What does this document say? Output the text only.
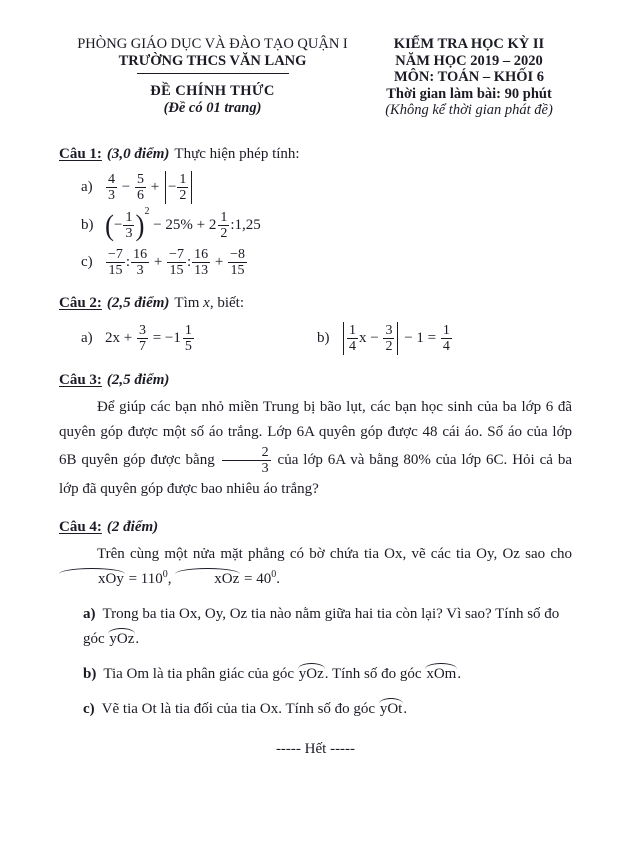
PHÒNG GIÁO DỤC VÀ ĐÀO TẠO QUẬN I
TRƯỜNG THCS VĂN LANG
ĐỀ CHÍNH THỨC
(Đề có 01 trang)
KIỂM TRA HỌC KỲ II
NĂM HỌC 2019 – 2020
MÔN: TOÁN – KHỐI 6
Thời gian làm bài: 90 phút
(Không kể thời gian phát đề)
Câu 1: (3,0 điểm) Thực hiện phép tính:
$a) \frac{4}{3} - \frac{5}{6}$ + − $\frac{1}{2}$
b) ( − $\frac{1}{3} )^2$
− $25\% + 2 \frac{1}{2}$ :1,25
$c) \frac{-7}{15}$ : $\frac{16}{3} + \frac{-7}{15}$ : $\frac{16}{13} + \frac{-8}{15}$
Câu 2: (2,5 điểm) Tìm x, biết:
a) $2x + \frac{3}{7}$ = − $1 \frac{1}{5}$	b)	$\frac{1}{4}$ $x - \frac{3}{2} - 1 = \frac{1}{4}$
Câu 3: (2,5 điểm)
Để giúp các bạn nhỏ miền Trung bị bão lụt, các bạn học sinh của ba lớp 6 đã quyên góp được một số áo trắng. Lớp 6A quyên góp được 48 cái áo. Số áo của lớp 6B quyên góp được bằng $\frac{2}{3}$ của lớp 6A và bằng 80% của lớp 6C. Hỏi cả ba lớp đã quyên góp được bao nhiêu áo trắng?
Câu 4: (2 điểm)
Trên cùng một nửa mặt phẳng có bờ chứa tia Ox, vẽ các tia Oy, Oz sao cho xOy = $110^0$,	xOz = $40^0$.
a) Trong ba tia Ox, Oy, Oz tia nào nằm giữa hai tia còn lại? Vì sao? Tính số đo góc yOz.
b) Tia Om là tia phân giác của góc yOz. Tính số đo góc xOm.
c) Vẽ tia Ot là tia đối của tia Ox. Tính số đo góc yOt.
----- Hết -----
